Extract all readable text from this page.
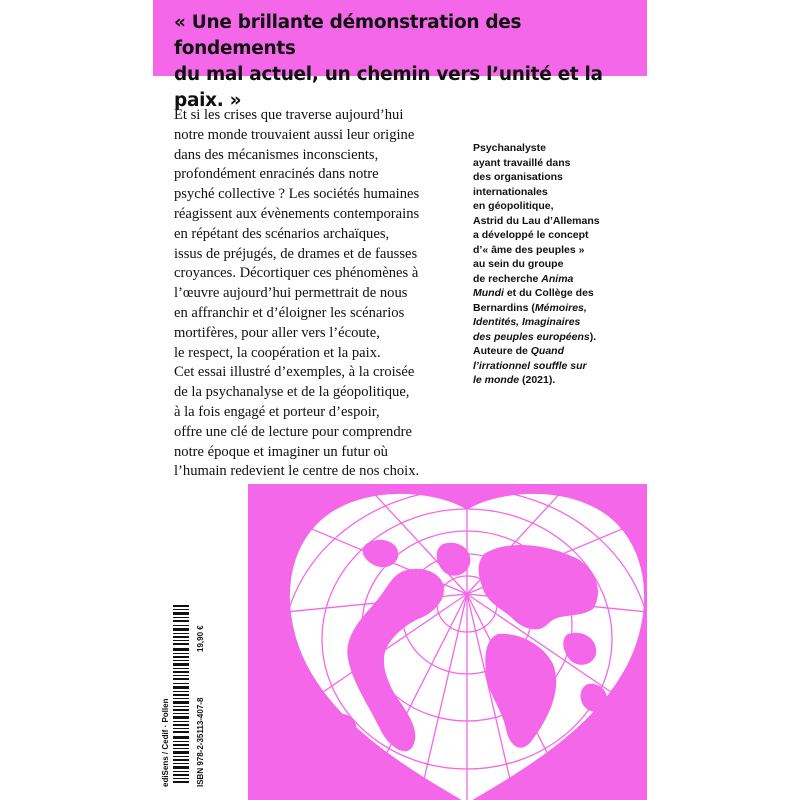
« Une brillante démonstration des fondements
du mal actuel, un chemin vers l’unité et la paix. »

Et si les crises que traverse aujourd’hui
notre monde trouvaient aussi leur origine
dans des mécanismes inconscients,
profondément enracinés dans notre
psyché collective ? Les sociétés humaines
réagissent aux évènements contemporains
en répétant des scénarios archaïques,
issus de préjugés, de drames et de fausses
croyances. Décortiquer ces phénomènes à
l’œuvre aujourd’hui permettrait de nous
en affranchir et d’éloigner les scénarios
mortifères, pour aller vers l’écoute,
le respect, la coopération et la paix.
Cet essai illustré d’exemples, à la croisée
de la psychanalyse et de la géopolitique,
à la fois engagé et porteur d’espoir,
offre une clé de lecture pour comprendre
notre époque et imaginer un futur où
l’humain redevient le centre de nos choix.

Psychanalyste
ayant travaillé dans
des organisations
internationales
en géopolitique,
Astrid du Lau d’Allemans
a développé le concept
d’« âme des peuples »
au sein du groupe
de recherche Anima
Mundi et du Collège des
Bernardins (Mémoires,
Identités, Imaginaires
des peuples européens).
Auteure de Quand
l’irrationnel souffle sur
le monde (2021).

ediSens / Cedif · Pollen	ISBN 978-2-35113-407-8
19,90 €
